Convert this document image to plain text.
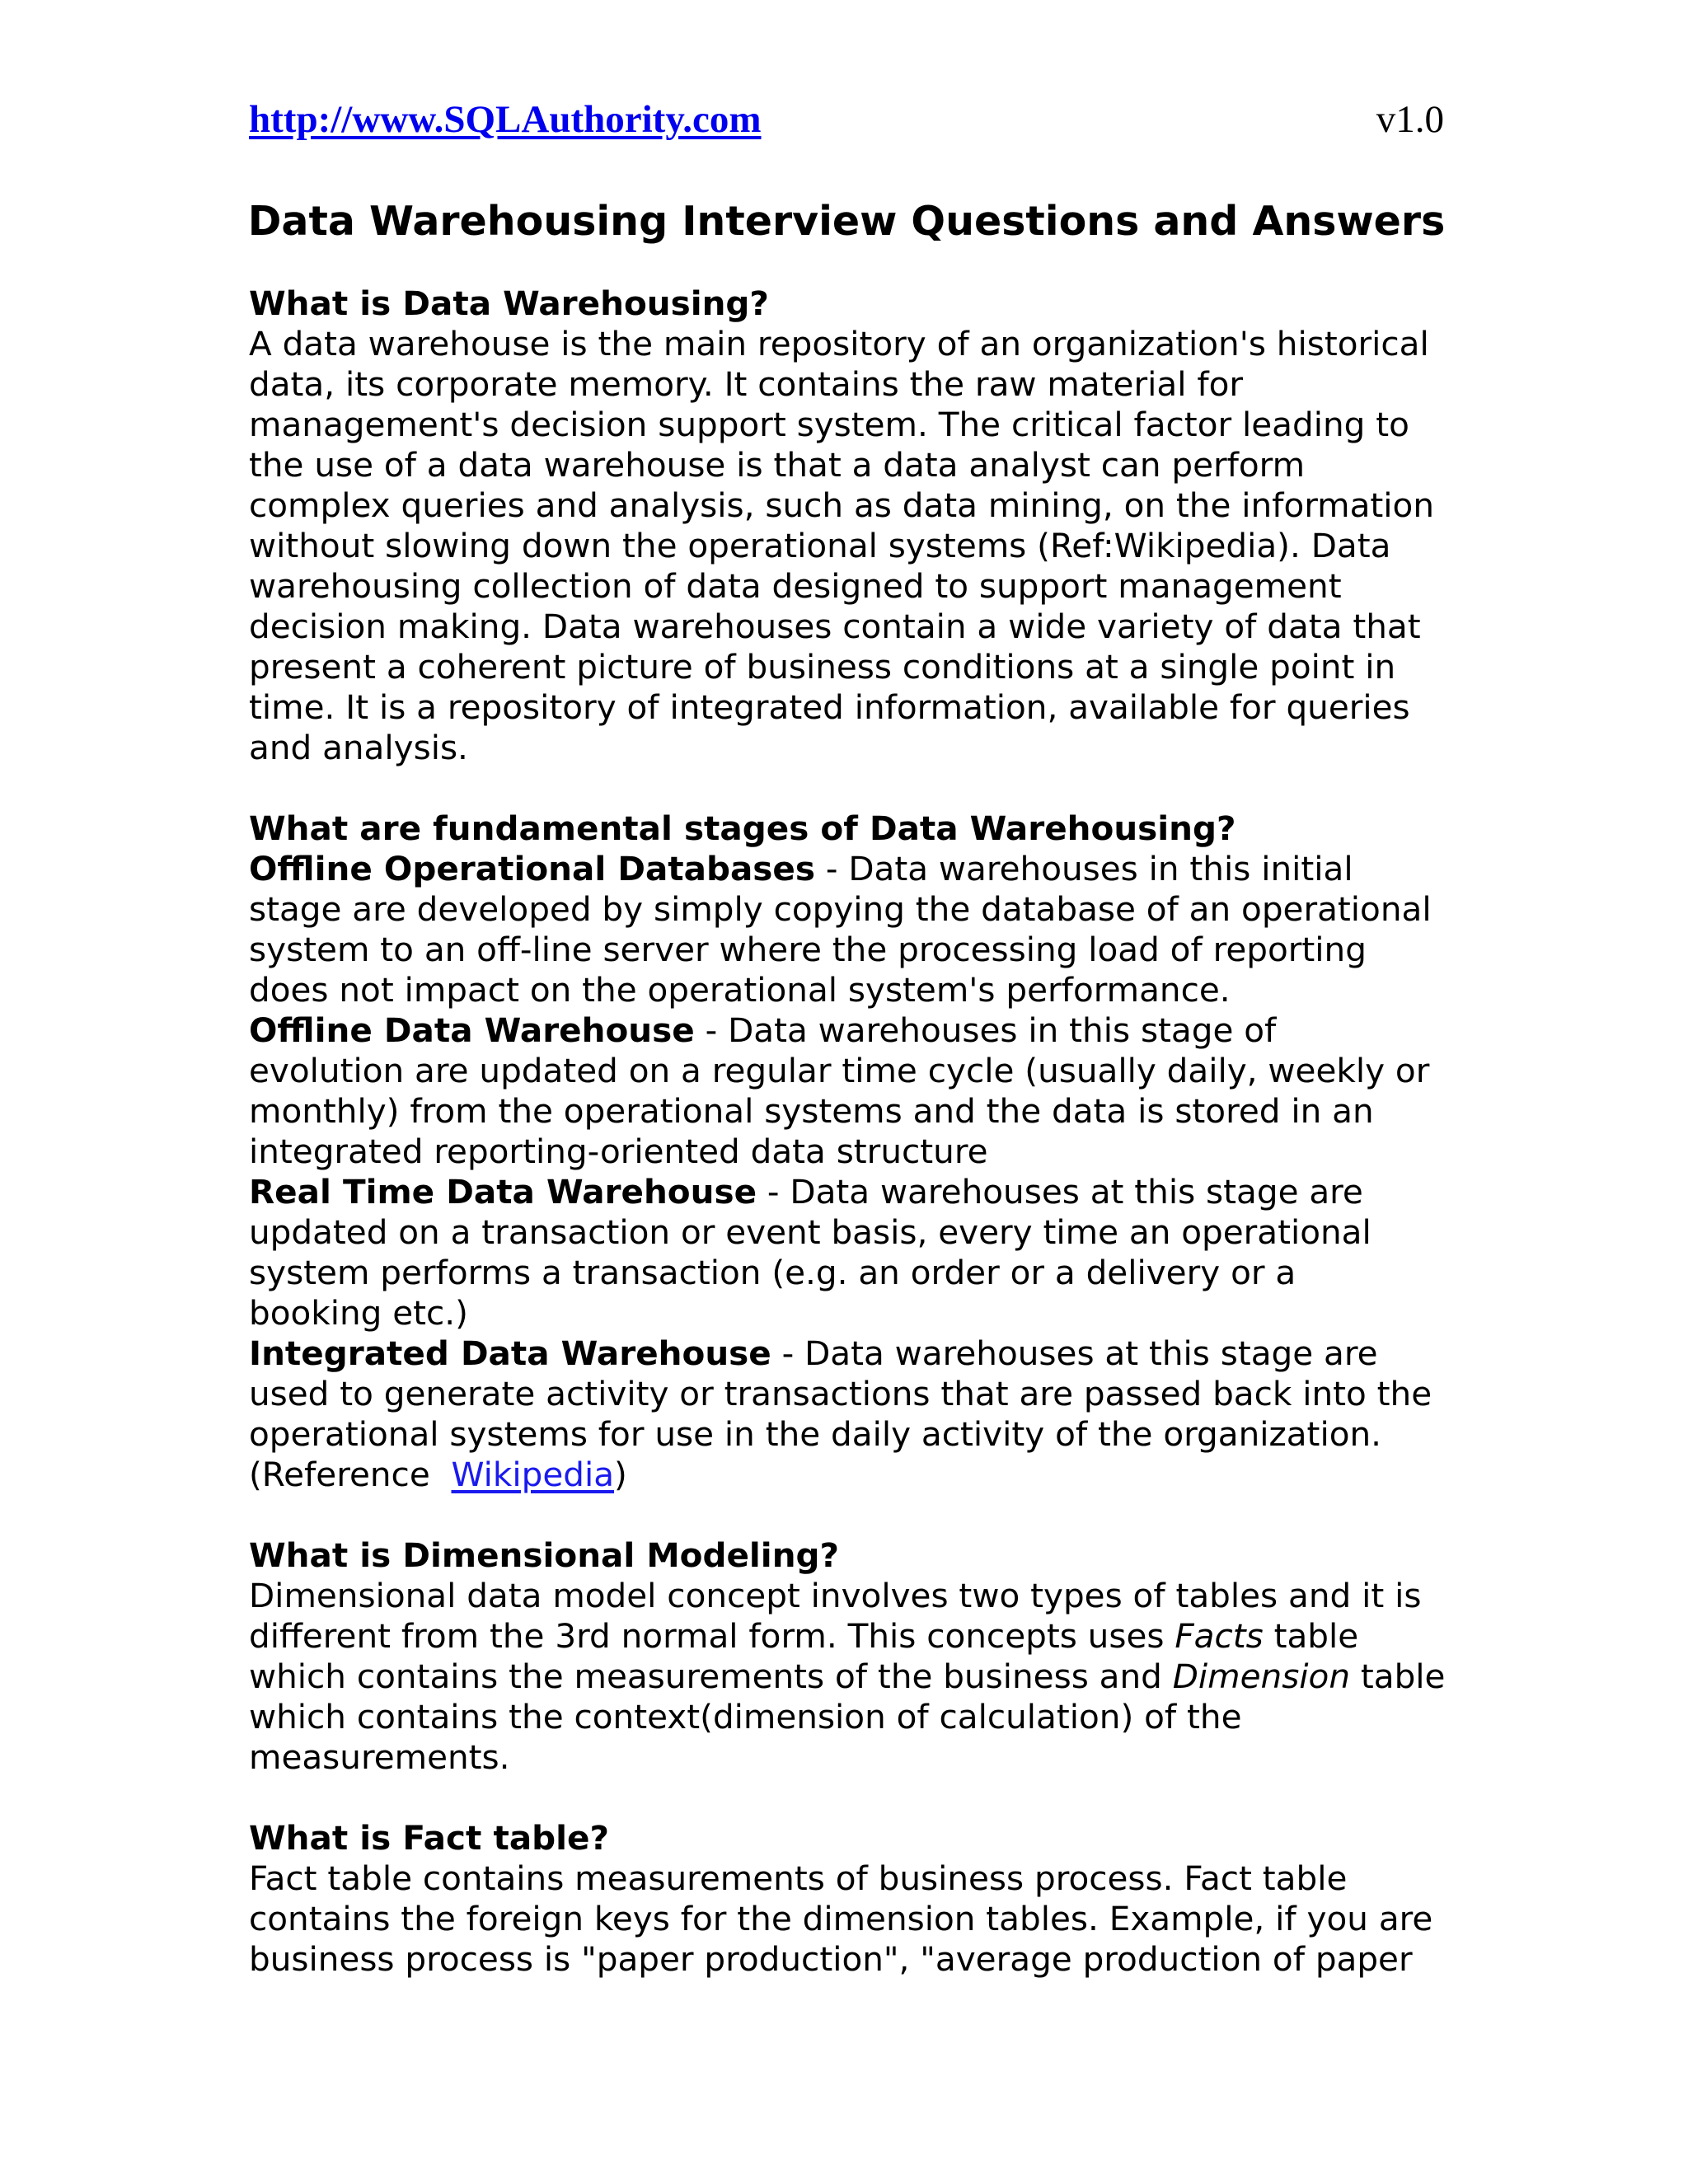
http://www.SQLAuthority.com	v1.0
Data Warehousing Interview Questions and Answers
What is Data Warehousing?
A data warehouse is the main repository of an organization's historical
data, its corporate memory. It contains the raw material for
management's decision support system. The critical factor leading to
the use of a data warehouse is that a data analyst can perform
complex queries and analysis, such as data mining, on the information
without slowing down the operational systems (Ref:Wikipedia). Data
warehousing collection of data designed to support management
decision making. Data warehouses contain a wide variety of data that
present a coherent picture of business conditions at a single point in
time. It is a repository of integrated information, available for queries
and analysis.
What are fundamental stages of Data Warehousing?
Offline Operational Databases - Data warehouses in this initial
stage are developed by simply copying the database of an operational
system to an off-line server where the processing load of reporting
does not impact on the operational system's performance.
Offline Data Warehouse - Data warehouses in this stage of
evolution are updated on a regular time cycle (usually daily, weekly or
monthly) from the operational systems and the data is stored in an
integrated reporting-oriented data structure
Real Time Data Warehouse - Data warehouses at this stage are
updated on a transaction or event basis, every time an operational
system performs a transaction (e.g. an order or a delivery or a
booking etc.)
Integrated Data Warehouse - Data warehouses at this stage are
used to generate activity or transactions that are passed back into the
operational systems for use in the daily activity of the organization.
(Reference  Wikipedia)
What is Dimensional Modeling?
Dimensional data model concept involves two types of tables and it is
different from the 3rd normal form. This concepts uses Facts table
which contains the measurements of the business and Dimension table
which contains the context(dimension of calculation) of the
measurements.
What is Fact table?
Fact table contains measurements of business process. Fact table
contains the foreign keys for the dimension tables. Example, if you are
business process is "paper production", "average production of paper
